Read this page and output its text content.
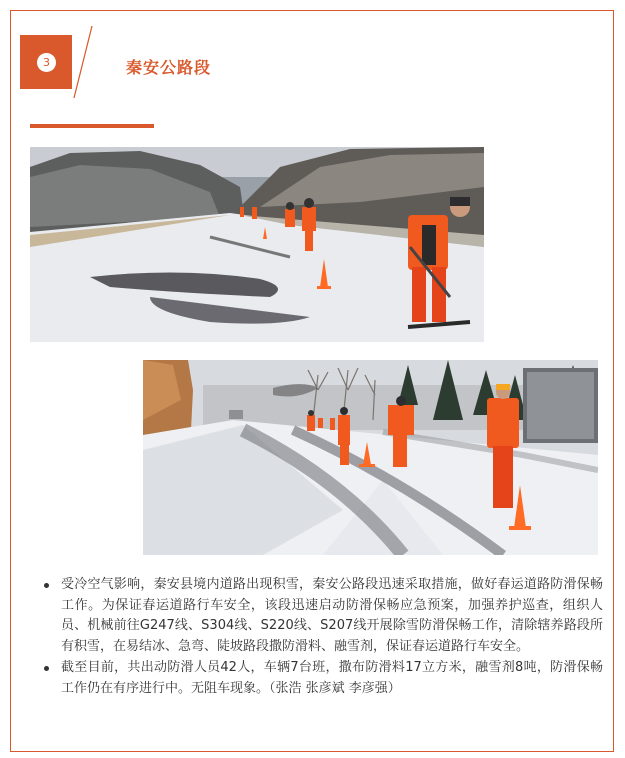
3	秦安公路段
受冷空气影响，秦安县境内道路出现积雪，秦安公路段迅速采取措施，做好春运道路防滑保畅工作。为保证春运道路行车安全，该段迅速启动防滑保畅应急预案，加强养护巡查，组织人员、机械前往G247线、S304线、S220线、S207线开展除雪防滑保畅工作，清除辖养路段所有积雪，在易结冰、急弯、陡坡路段撒防滑料、融雪剂，保证春运道路行车安全。
截至目前，共出动防滑人员42人，车辆7台班，撒布防滑料17立方米，融雪剂8吨，防滑保畅工作仍在有序进行中。无阻车现象。（张浩 张彦斌 李彦强）
